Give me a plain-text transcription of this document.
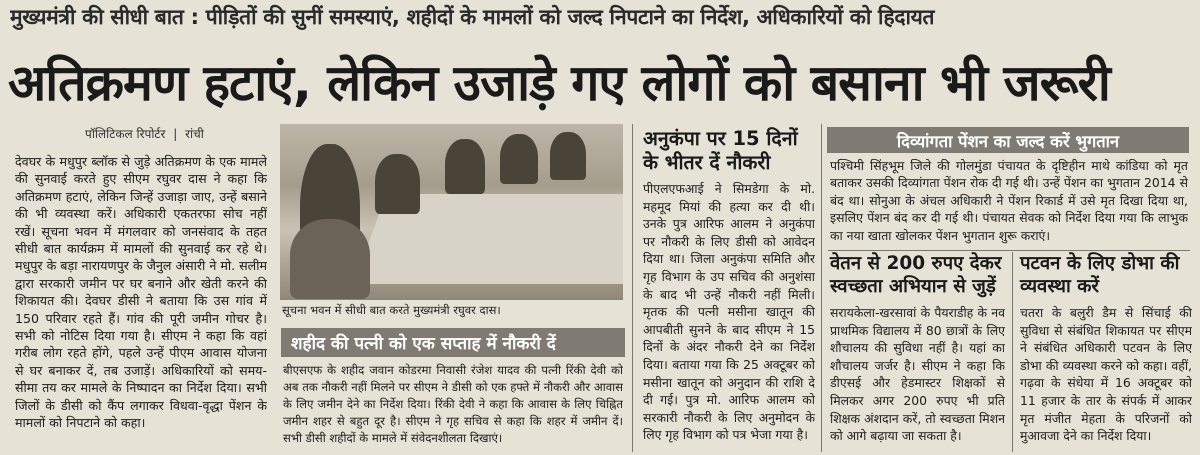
मुख्यमंत्री की सीधी बात : पीड़ितों की सुनीं समस्याएं, शहीदों के मामलों को जल्द निपटाने का निर्देश, अधिकारियों को हिदायत
अतिक्रमण हटाएं, लेकिन उजाड़े गए लोगों को बसाना भी जरूरी
पॉलिटिकल रिपोर्टर | रांची

देवघर के मधुपुर ब्लॉक से जुड़े अतिक्रमण के एक मामले की सुनवाई करते हुए सीएम रघुवर दास ने कहा कि अतिक्रमण हटाएं, लेकिन जिन्हें उजाड़ा जाए, उन्हें बसाने की भी व्यवस्था करें। अधिकारी एकतरफा सोच नहीं रखें। सूचना भवन में मंगलवार को जनसंवाद के तहत सीधी बात कार्यक्रम में मामलों की सुनवाई कर रहे थे। मधुपुर के बड़ा नारायणपुर के जैनुल अंसारी ने मो. सलीम द्वारा सरकारी जमीन पर घर बनाने और खेती करने की शिकायत की। देवघर डीसी ने बताया कि उस गांव में 150 परिवार रहते हैं। गांव की पूरी जमीन गोचर है। सभी को नोटिस दिया गया है। सीएम ने कहा कि वहां गरीब लोग रहते होंगे, पहले उन्हें पीएम आवास योजना से घर बनाकर दें, तब उजाड़ें। अधिकारियों को समय-सीमा तय कर मामले के निष्पादन का निर्देश दिया। सभी जिलों के डीसी को कैंप लगाकर विधवा-वृद्धा पेंशन के मामलों को निपटाने को कहा।

सूचना भवन में सीधी बात करते मुख्यमंत्री रघुवर दास।
शहीद की पत्नी को एक सप्ताह में नौकरी दें
बीएसएफ के शहीद जवान कोडरमा निवासी रंजेश यादव की पत्नी रिंकी देवी को अब तक नौकरी नहीं मिलने पर सीएम ने डीसी को एक हफ्ते में नौकरी और आवास के लिए जमीन देने का निर्देश दिया। रिंकी देवी ने कहा कि आवास के लिए चिह्नित जमीन शहर से बहुत दूर है। सीएम ने गृह सचिव से कहा कि शहर में जमीन दें। सभी डीसी शहीदों के मामले में संवेदनशीलता दिखाएं।
अनुकंपा पर 15 दिनों के भीतर दें नौकरी
पीएलएफआई ने सिमडेगा के मो. महमूद मियां की हत्या कर दी थी। उनके पुत्र आरिफ आलम ने अनुकंपा पर नौकरी के लिए डीसी को आवेदन दिया था। जिला अनुकंपा समिति और गृह विभाग के उप सचिव की अनुशंसा के बाद भी उन्हें नौकरी नहीं मिली। मृतक की पत्नी मसीना खातून की आपबीती सुनने के बाद सीएम ने 15 दिनों के अंदर नौकरी देने का निर्देश दिया। बताया गया कि 25 अक्टूबर को मसीना खातून को अनुदान की राशि दे दी गई। पुत्र मो. आरिफ आलम को सरकारी नौकरी के लिए अनुमोदन के लिए गृह विभाग को पत्र भेजा गया है।
दिव्यांगता पेंशन का जल्द करें भुगतान
पश्चिमी सिंहभूम जिले की गोलमुंडा पंचायत के दृष्टिहीन माथे कांडिया को मृत बताकर उसकी दिव्यांगता पेंशन रोक दी गई थी। उन्हें पेंशन का भुगतान 2014 से बंद था। सोनुआ के अंचल अधिकारी ने पेंशन रिकार्ड में उसे मृत दिखा दिया था, इसलिए पेंशन बंद कर दी गई थी। पंचायत सेवक को निर्देश दिया गया कि लाभुक का नया खाता खोलकर पेंशन भुगतान शुरू कराएं।
वेतन से 200 रुपए देकर स्वच्छता अभियान से जुड़ें
सरायकेला-खरसावां के पैयराडीह के नव प्राथमिक विद्यालय में 80 छात्रों के लिए शौचालय की सुविधा नहीं है। यहां का शौचालय जर्जर है। सीएम ने कहा कि डीएसई और हेडमास्टर शिक्षकों से मिलकर अगर 200 रुपए भी प्रति शिक्षक अंशदान करें, तो स्वच्छता मिशन को आगे बढ़ाया जा सकता है।
पटवन के लिए डोभा की व्यवस्था करें
चतरा के बलुरी डैम से सिंचाई की सुविधा से संबंधित शिकायत पर सीएम ने संबंधित अधिकारी पटवन के लिए डोभा की व्यवस्था करने को कहा। वहीं, गढ़वा के संधेया में 16 अक्टूबर को 11 हजार के तार के संपर्क में आकर मृत मंजीत मेहता के परिजनों को मुआवजा देने का निर्देश दिया।
